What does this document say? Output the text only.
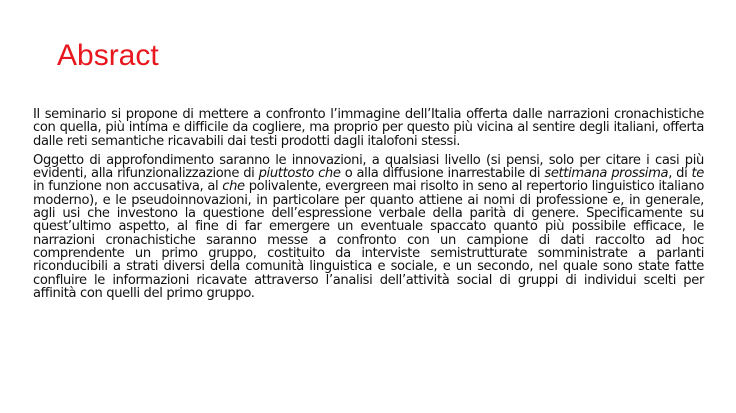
Absract

Il seminario si propone di mettere a confronto l’immagine dell’Italia offerta dalle narrazioni cronachistiche con quella, più intima e difficile da cogliere, ma proprio per questo più vicina al sentire degli italiani, offerta dalle reti semantiche ricavabili dai testi prodotti dagli italofoni stessi.

Oggetto di approfondimento saranno le innovazioni, a qualsiasi livello (si pensi, solo per citare i casi più evidenti, alla rifunzionalizzazione di piuttosto che o alla diffusione inarrestabile di settimana prossima, di te in funzione non accusativa, al che polivalente, evergreen mai risolto in seno al repertorio linguistico italiano moderno), e le pseudoinnovazioni, in particolare per quanto attiene ai nomi di professione e, in generale, agli usi che investono la questione dell’espressione verbale della parità di genere. Specificamente su quest’ultimo aspetto, al fine di far emergere un eventuale spaccato quanto più possibile efficace, le narrazioni cronachistiche saranno messe a confronto con un campione di dati raccolto ad hoc comprendente un primo gruppo, costituito da interviste semistrutturate somministrate a parlanti riconducibili a strati diversi della comunità linguistica e sociale, e un secondo, nel quale sono state fatte confluire le informazioni ricavate attraverso l’analisi dell’attività social di gruppi di individui scelti per affinità con quelli del primo gruppo.
